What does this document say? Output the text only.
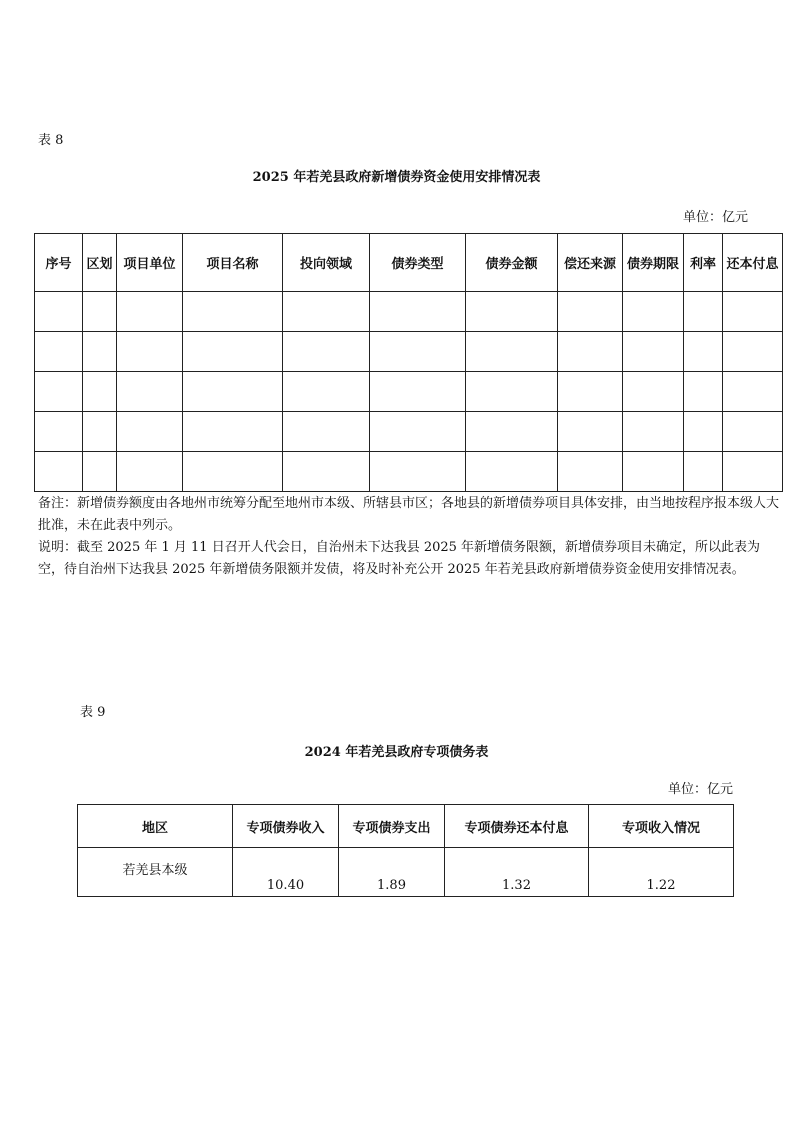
表 8
2025 年若羌县政府新增债券资金使用安排情况表
单位：亿元
序号	区划	项目单位	项目名称	投向领域	债券类型	债券金额	偿还来源	债券期限	利率	还本付息

备注：新增债券额度由各地州市统筹分配至地州市本级、所辖县市区；各地县的新增债券项目具体安排，由当地按程序报本级人大批准，未在此表中列示。

说明：截至 2025 年 1 月 11 日召开人代会日，自治州未下达我县 2025 年新增债务限额，新增债券项目未确定，所以此表为空，待自治州下达我县 2025 年新增债务限额并发债，将及时补充公开 2025 年若羌县政府新增债券资金使用安排情况表。

表 9
2024 年若羌县政府专项债务表
单位：亿元
地区	专项债券收入	专项债券支出	专项债券还本付息	专项收入情况
若羌县本级	10.40	1.89	1.32	1.22
